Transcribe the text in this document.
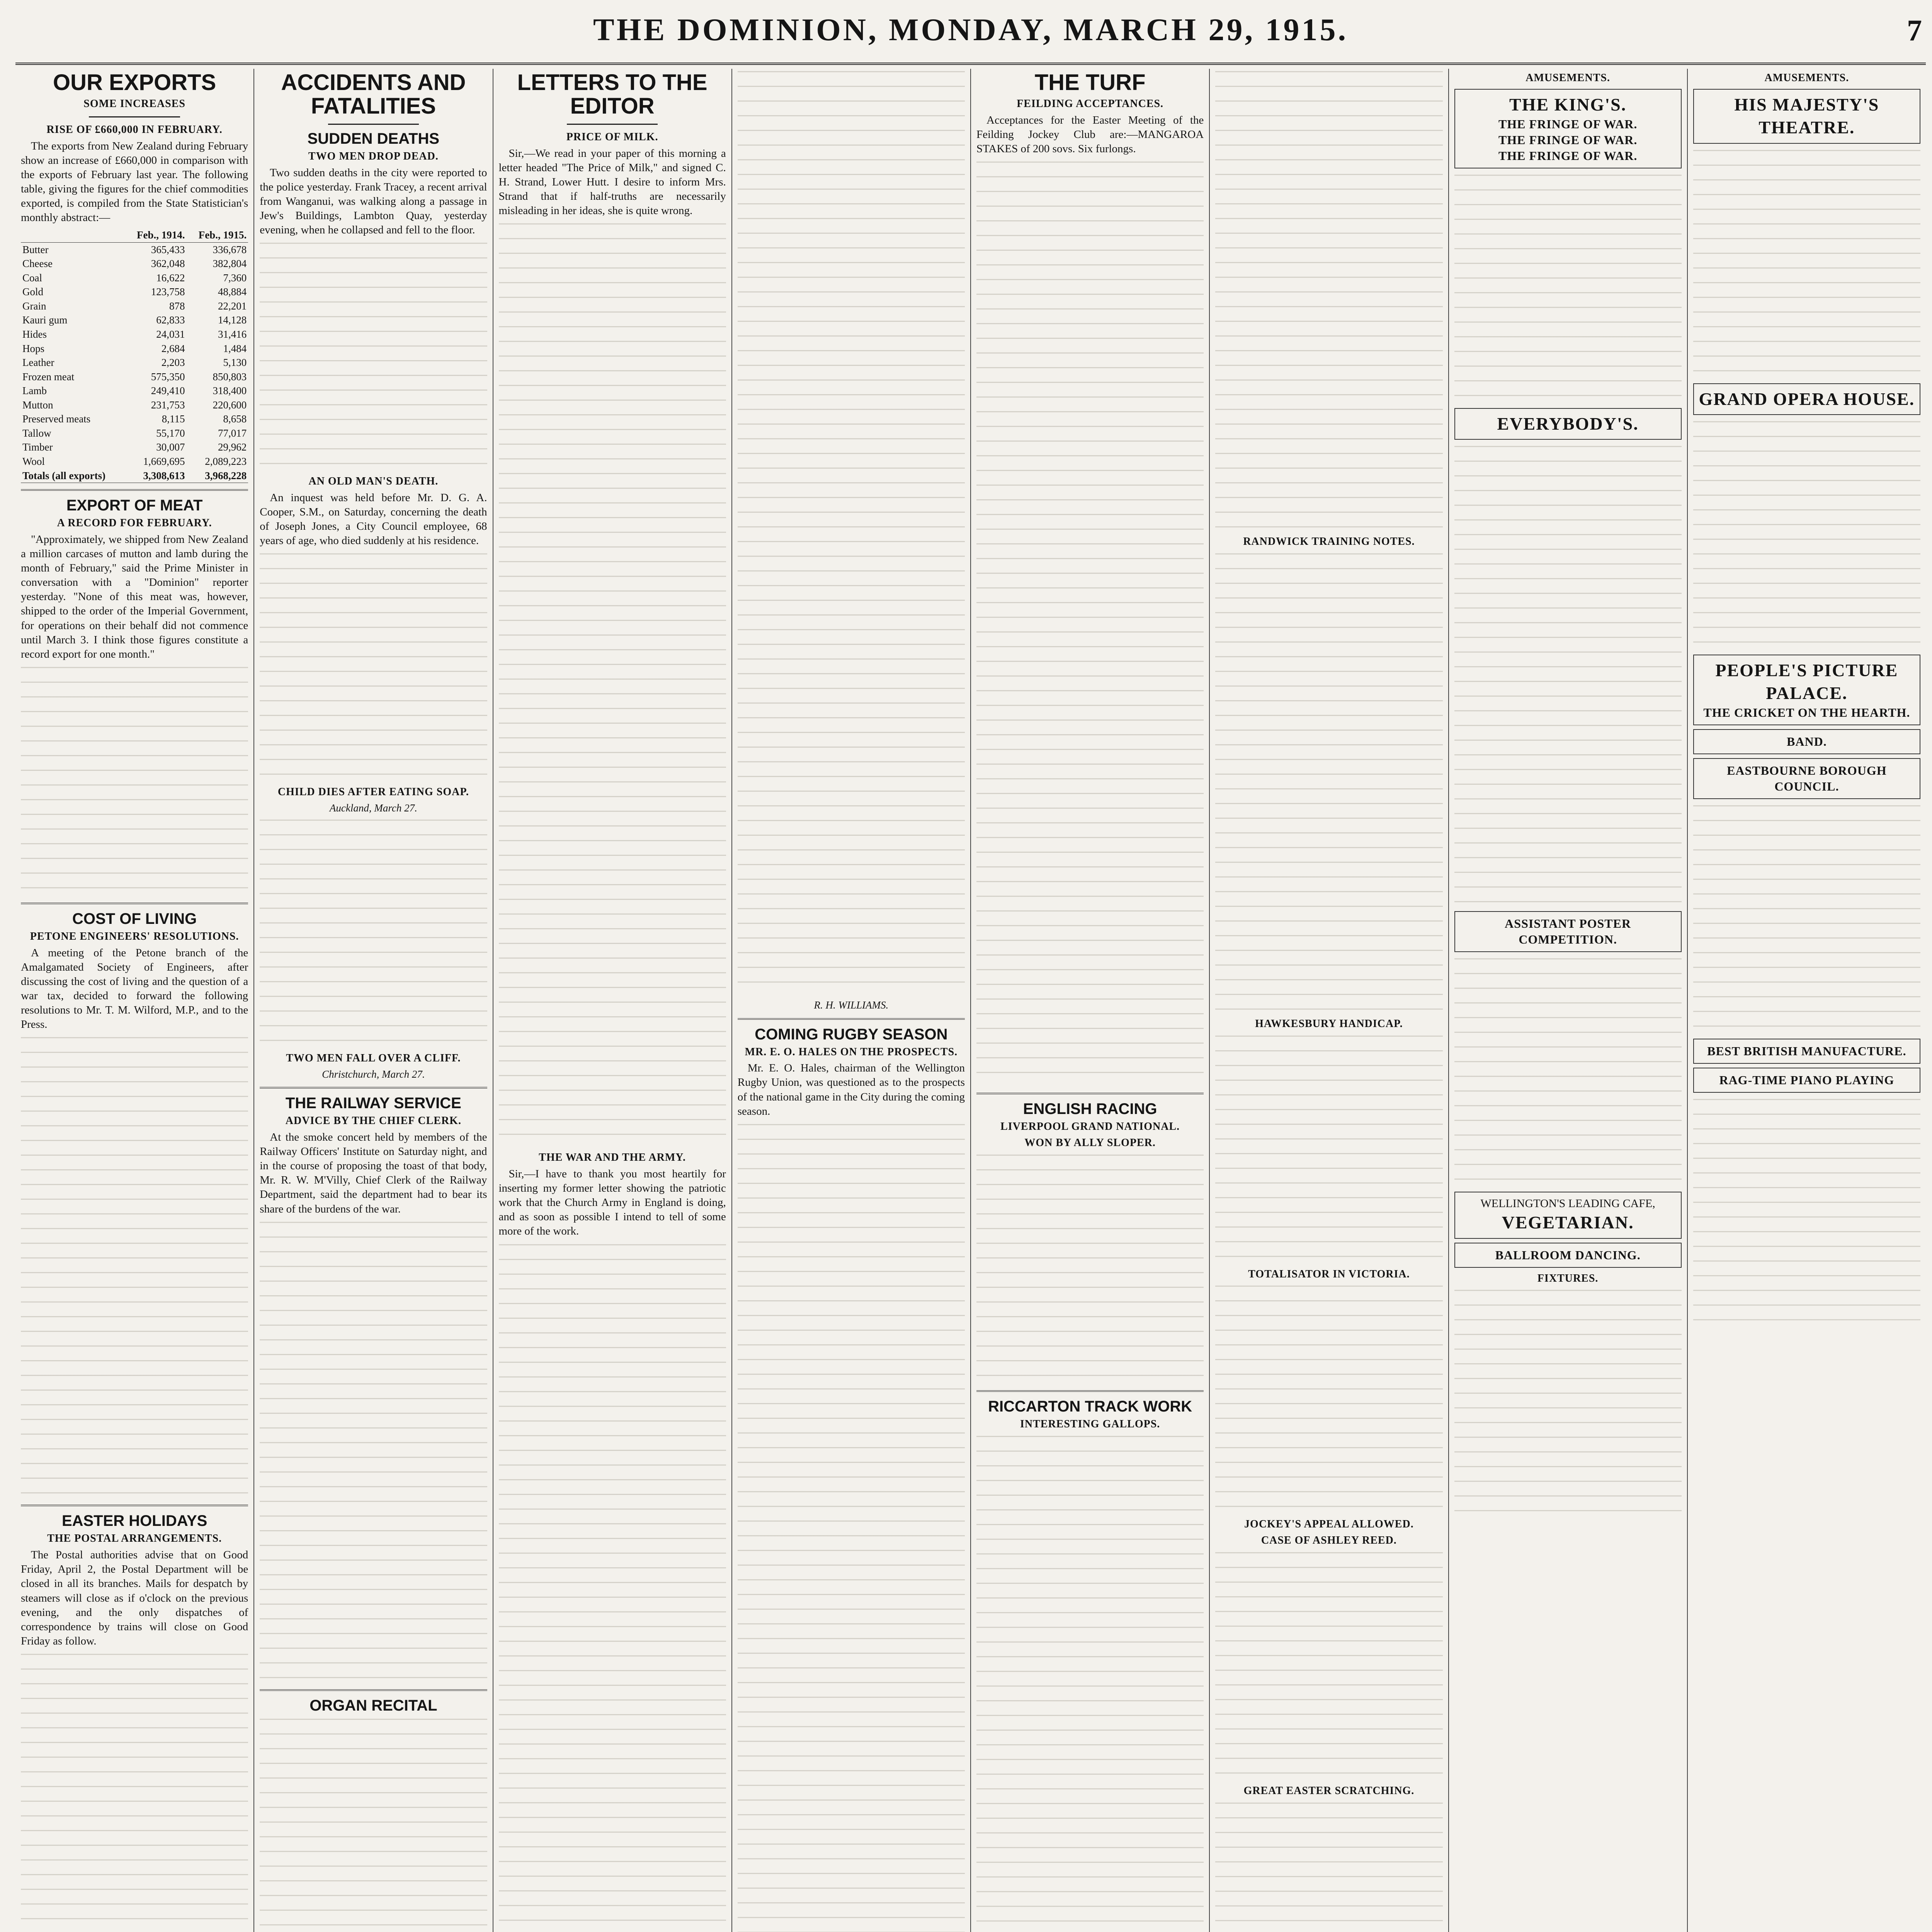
THE DOMINION, MONDAY, MARCH 29, 1915.	7
OUR EXPORTS
SOME INCREASES
RISE OF £660,000 IN FEBRUARY.

The exports from New Zealand during February show an increase of £660,000 in comparison with the exports of February last year. The following table, giving the figures for the chief commodities exported, is compiled from the State Statistician's monthly abstract:—

	Feb., 1914.	Feb., 1915.
Butter	365,433	336,678
Cheese	362,048	382,804
Coal	16,622	7,360
Gold	123,758	48,884
Grain	878	22,201
Kauri gum	62,833	14,128
Hides	24,031	31,416
Hops	2,684	1,484
Leather	2,203	5,130
Frozen meat	575,350	850,803
Lamb	249,410	318,400
Mutton	231,753	220,600
Preserved meats	8,115	8,658
Tallow	55,170	77,017
Timber	30,007	29,962
Wool	1,669,695	2,089,223
Totals (all exports)	3,308,613	3,968,228
EXPORT OF MEAT
A RECORD FOR FEBRUARY.

"Approximately, we shipped from New Zealand a million carcases of mutton and lamb during the month of February," said the Prime Minister in conversation with a "Dominion" reporter yesterday. "None of this meat was, however, shipped to the order of the Imperial Government, for operations on their behalf did not commence until March 3. I think those figures constitute a record export for one month."

COST OF LIVING
PETONE ENGINEERS' RESOLUTIONS.

A meeting of the Petone branch of the Amalgamated Society of Engineers, after discussing the cost of living and the question of a war tax, decided to forward the following resolutions to Mr. T. M. Wilford, M.P., and to the Press.

EASTER HOLIDAYS
THE POSTAL ARRANGEMENTS.

The Postal authorities advise that on Good Friday, April 2, the Postal Department will be closed in all its branches. Mails for despatch by steamers will close as if o'clock on the previous evening, and the only dispatches of correspondence by trains will close on Good Friday as follow.

ACCIDENTS AND FATALITIES
SUDDEN DEATHS
TWO MEN DROP DEAD.

Two sudden deaths in the city were reported to the police yesterday. Frank Tracey, a recent arrival from Wanganui, was walking along a passage in Jew's Buildings, Lambton Quay, yesterday evening, when he collapsed and fell to the floor.

AN OLD MAN'S DEATH.

An inquest was held before Mr. D. G. A. Cooper, S.M., on Saturday, concerning the death of Joseph Jones, a City Council employee, 68 years of age, who died suddenly at his residence.

CHILD DIES AFTER EATING SOAP.
Auckland, March 27.
TWO MEN FALL OVER A CLIFF.
Christchurch, March 27.
THE RAILWAY SERVICE
ADVICE BY THE CHIEF CLERK.

At the smoke concert held by members of the Railway Officers' Institute on Saturday night, and in the course of proposing the toast of that body, Mr. R. W. M'Villy, Chief Clerk of the Railway Department, said the department had to bear its share of the burdens of the war.

ORGAN RECITAL
LETTERS TO THE EDITOR
PRICE OF MILK.

Sir,—We read in your paper of this morning a letter headed "The Price of Milk," and signed C. H. Strand, Lower Hutt. I desire to inform Mrs. Strand that if half-truths are necessarily misleading in her ideas, she is quite wrong.

THE WAR AND THE ARMY.

Sir,—I have to thank you most heartily for inserting my former letter showing the patriotic work that the Church Army in England is doing, and as soon as possible I intend to tell of some more of the work.

R. H. WILLIAMS.
COMING RUGBY SEASON
MR. E. O. HALES ON THE PROSPECTS.

Mr. E. O. Hales, chairman of the Wellington Rugby Union, was questioned as to the prospects of the national game in the City during the coming season.

THE TURF
FEILDING ACCEPTANCES.

Acceptances for the Easter Meeting of the Feilding Jockey Club are:—MANGAROA STAKES of 200 sovs. Six furlongs.

ENGLISH RACING
LIVERPOOL GRAND NATIONAL.
WON BY ALLY SLOPER.
RICCARTON TRACK WORK
INTERESTING GALLOPS.
RANDWICK TRAINING NOTES.
HAWKESBURY HANDICAP.
TOTALISATOR IN VICTORIA.
JOCKEY'S APPEAL ALLOWED.
CASE OF ASHLEY REED.
GREAT EASTER SCRATCHING.
AMUSEMENTS.
THE KING'S.
THE FRINGE OF WAR.
THE FRINGE OF WAR.
THE FRINGE OF WAR.
EVERYBODY'S.
ASSISTANT POSTER COMPETITION.
WELLINGTON'S LEADING CAFE,
VEGETARIAN.
BALLROOM DANCING.
FIXTURES.
AMUSEMENTS.
HIS MAJESTY'S THEATRE.
GRAND OPERA HOUSE.
PEOPLE'S PICTURE PALACE.
THE CRICKET ON THE HEARTH.
BAND.
EASTBOURNE BOROUGH COUNCIL.
BEST BRITISH MANUFACTURE.
RAG-TIME PIANO PLAYING
